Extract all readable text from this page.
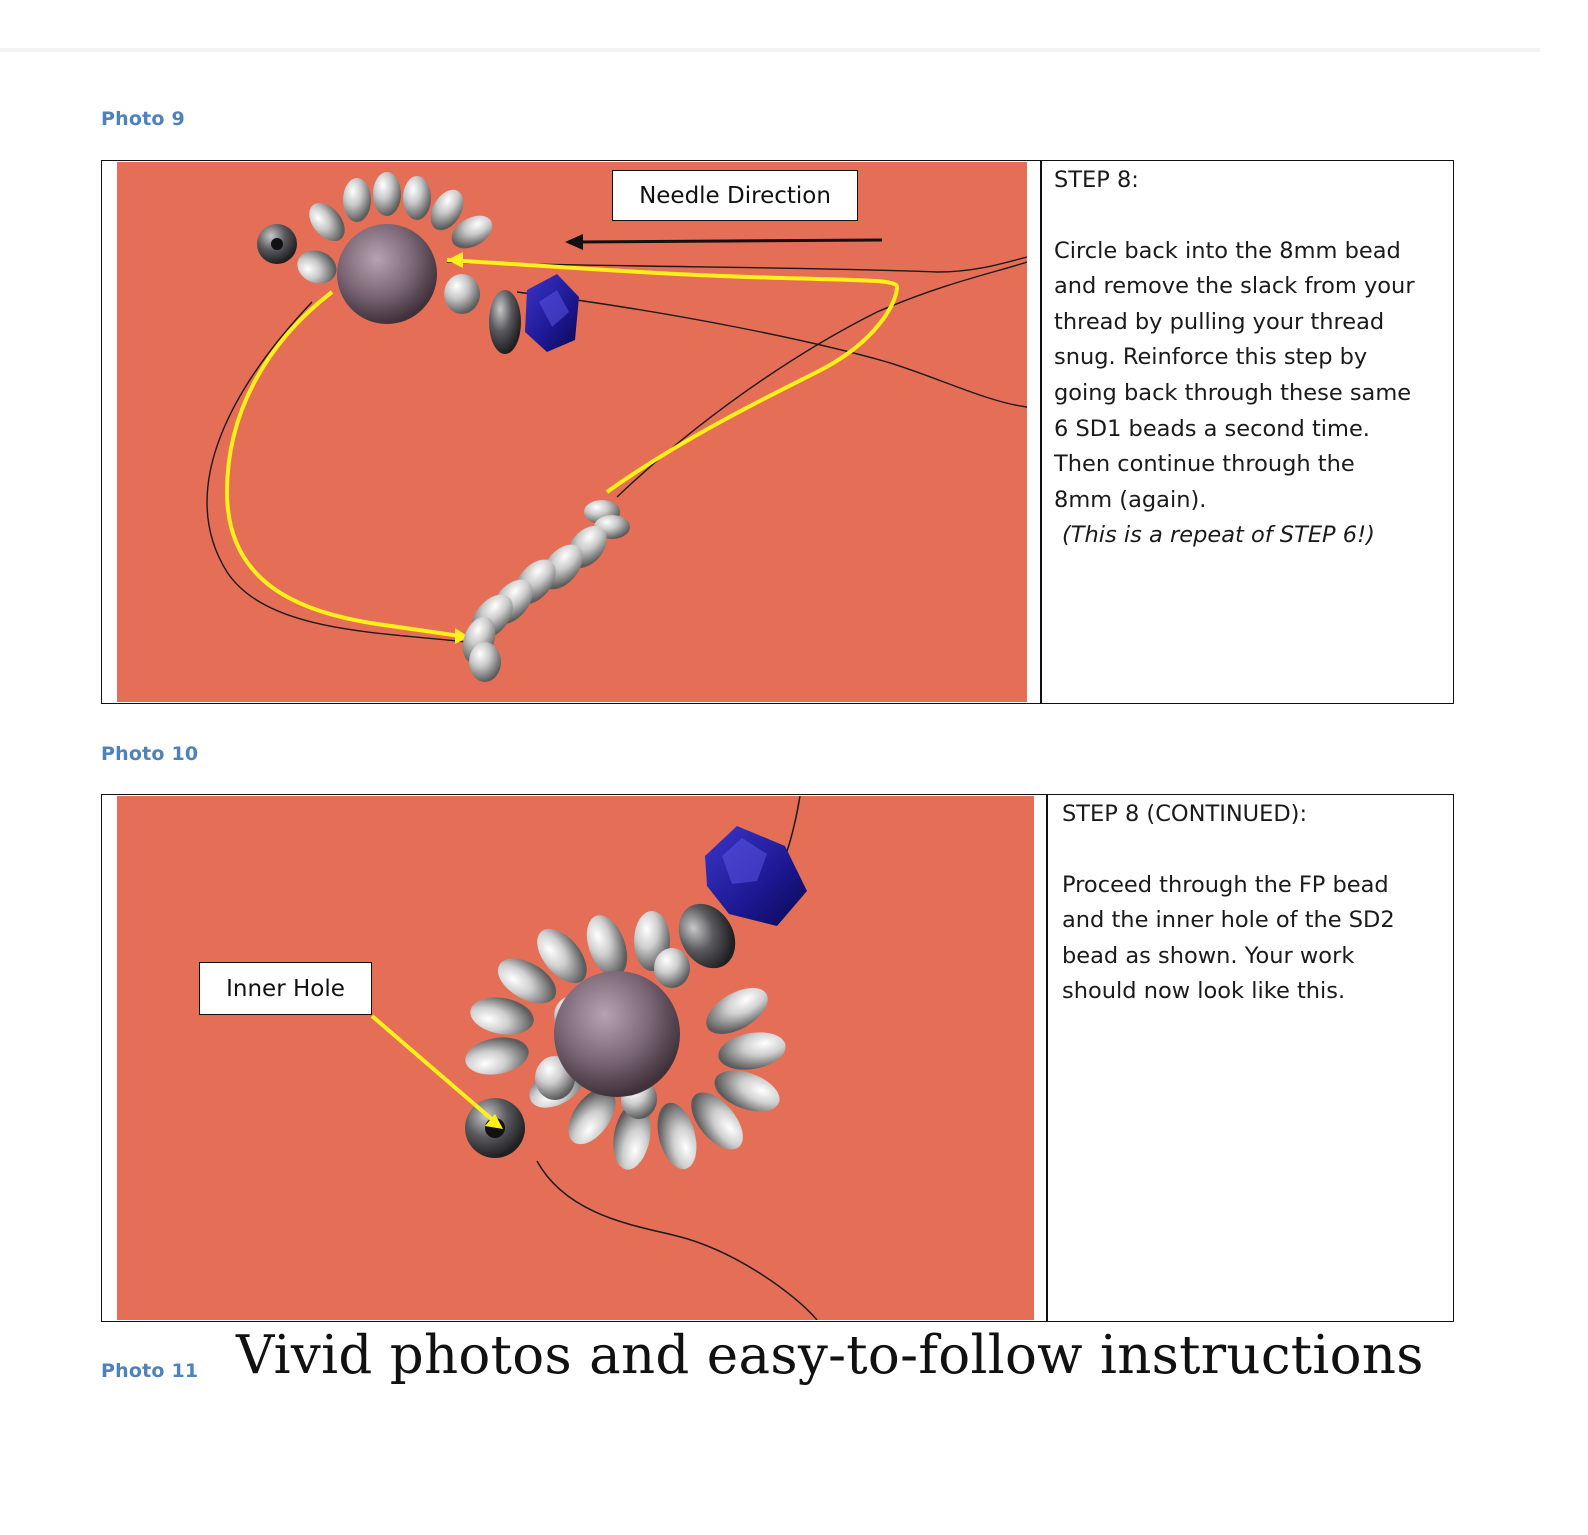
Photo 9
Needle Direction

STEP 8:

Circle back into the 8mm bead

and remove the slack from your

thread by pulling your thread

snug. Reinforce this step by

going back through these same

6 SD1 beads a second time.

Then continue through the

8mm (again).

(This is a repeat of STEP 6!)

Photo 10
Inner Hole

STEP 8 (CONTINUED):

Proceed through the FP bead

and the inner hole of the SD2

bead as shown. Your work

should now look like this.

Photo 11 Vivid photos and easy-to-follow instructions
